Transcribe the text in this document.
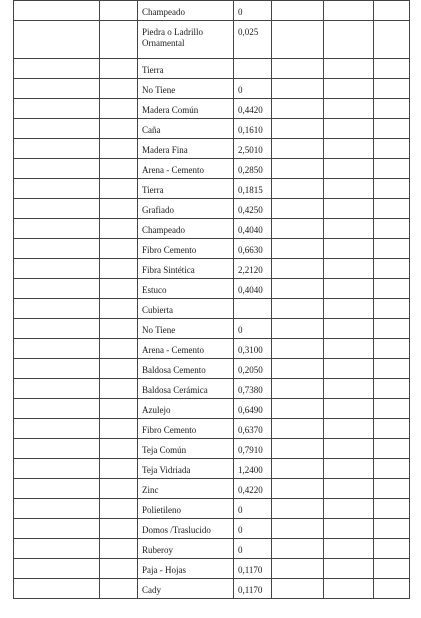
		Champeado	0			

		Piedra o Ladrillo Ornamental	0,025			

		Tierra				

		No Tiene	0			

		Madera Común	0,4420			

		Caña	0,1610			

		Madera Fina	2,5010			

		Arena - Cemento	0,2850			

		Tierra	0,1815			

		Grafiado	0,4250			

		Champeado	0,4040			

		Fibro Cemento	0,6630			

		Fibra Sintética	2,2120			

		Estuco	0,4040			

		Cubierta				

		No Tiene	0			

		Arena - Cemento	0,3100			

		Baldosa Cemento	0,2050			

		Baldosa Cerámica	0,7380			

		Azulejo	0,6490			

		Fibro Cemento	0,6370			

		Teja Común	0,7910			

		Teja Vidriada	1,2400			

		Zinc	0,4220			

		Polietileno	0			

		Domos /Traslucido	0			

		Ruberoy	0			

		Paja - Hojas	0,1170			

		Cady	0,1170			
